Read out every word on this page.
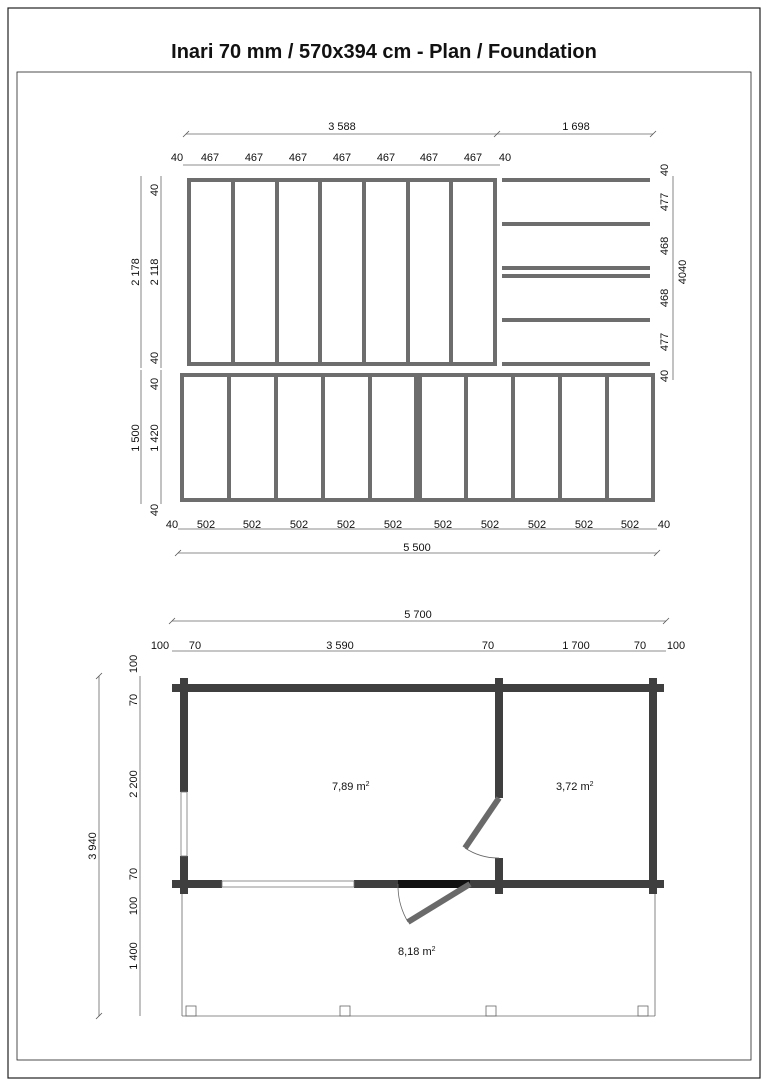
Inari 70 mm / 570x394 cm - Plan / Foundation
3 588	1 698
40 467 467 467 467 467 467 467 40
40
477
468
4040
468
477
40
2 178 2 118
40
40
1 500 1 420
40
40
40 502	502	502	502	502	502	502	502	502	502 40
5 500
5 700
100 70	3 590	70	1 700	70 100
7,89 $m^2$	3,72 $m^2$
8,18 $m^2$
3 940
100
70
2 200
70
100
1 400
